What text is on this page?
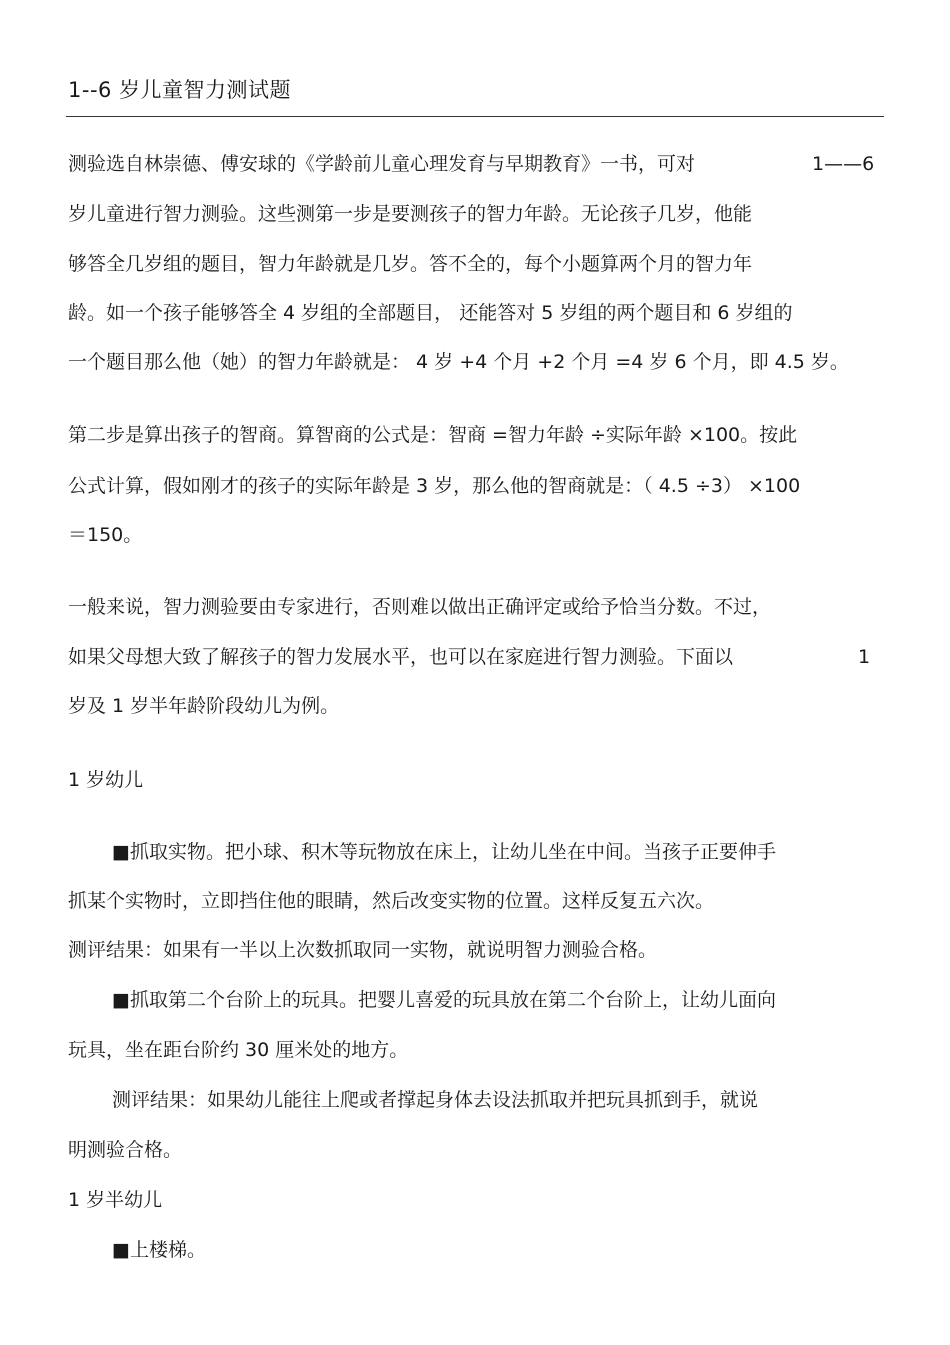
1--6 岁儿童智力测试题
测验选自林崇德、傅安球的《学龄前儿童心理发育与早期教育》一书，可对	1——6
岁儿童进行智力测验。这些测第一步是要测孩子的智力年龄。无论孩子几岁，他能
够答全几岁组的题目，智力年龄就是几岁。答不全的，每个小题算两个月的智力年
龄。如一个孩子能够答全 4 岁组的全部题目， 还能答对 5 岁组的两个题目和 6 岁组的
一个题目那么他（她）的智力年龄就是： 4 岁 +4 个月 +2 个月 =4 岁 6 个月，即 4.5 岁。
第二步是算出孩子的智商。算智商的公式是：智商 =智力年龄 ÷实际年龄 ×100。按此
公式计算，假如刚才的孩子的实际年龄是 3 岁，那么他的智商就是：（ 4.5 ÷3） ×100
＝150。
一般来说，智力测验要由专家进行，否则难以做出正确评定或给予恰当分数。不过，
如果父母想大致了解孩子的智力发展水平，也可以在家庭进行智力测验。下面以	1
岁及 1 岁半年龄阶段幼儿为例。
1 岁幼儿
■抓取实物。把小球、积木等玩物放在床上，让幼儿坐在中间。当孩子正要伸手
抓某个实物时，立即挡住他的眼睛，然后改变实物的位置。这样反复五六次。
测评结果：如果有一半以上次数抓取同一实物，就说明智力测验合格。
■抓取第二个台阶上的玩具。把婴儿喜爱的玩具放在第二个台阶上，让幼儿面向
玩具，坐在距台阶约 30 厘米处的地方。
测评结果：如果幼儿能往上爬或者撑起身体去设法抓取并把玩具抓到手，就说
明测验合格。
1 岁半幼儿
■上楼梯。
